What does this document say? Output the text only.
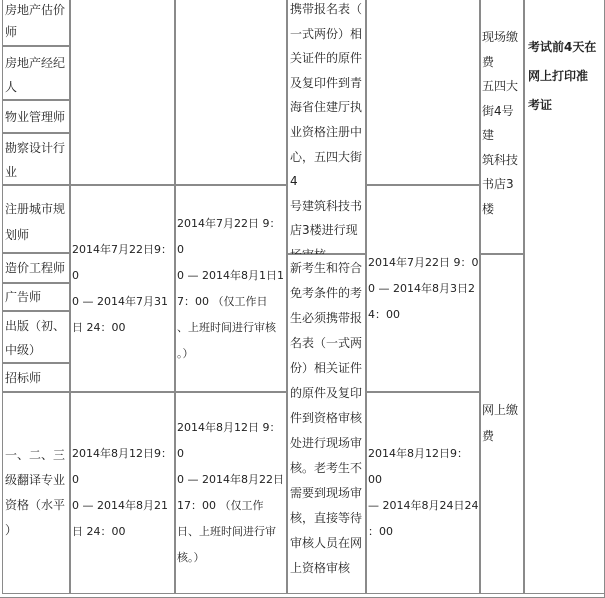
房地产估价
师

房地产经纪
人

物业管理师

勘察设计行
业

注册城市规
划师

造价工程师

广告师

出版（初、
中级）

招标师

一、二、三
级翻译专业
资格（水平
）

2014年7月22日9：0
0 — 2014年7月31
日 24：00

2014年8月12日9：0
0 — 2014年8月21
日 24：00

2014年7月22日 9：0
0 — 2014年8月1日1
7：00 （仅工作日
、上班时间进行审核
。）

2014年8月12日 9：0
0 — 2014年8月22日
17：00 （仅工作
日、上班时间进行审
核。）

携带报名表（
一式两份）相
关证件的原件
及复印件到青
海省住建厅执
业资格注册中
心，五四大街4
号建筑科技书
店3楼进行现

新考生和符合
免考条件的考
生必须携带报
名表（一式两
份）相关证件
的原件及复印
件到资格审核
处进行现场审
核。老考生不
需要到现场审
核，直接等待
审核人员在网
上资格审核

2014年7月22日 9：0
0 — 2014年8月3日2
4：00

2014年8月12日9：00
— 2014年8月24日24
：00

现场缴
费
五四大
街4号建
筑科技
书店3楼

网上缴
费

考试前4天在
网上打印准
考证
